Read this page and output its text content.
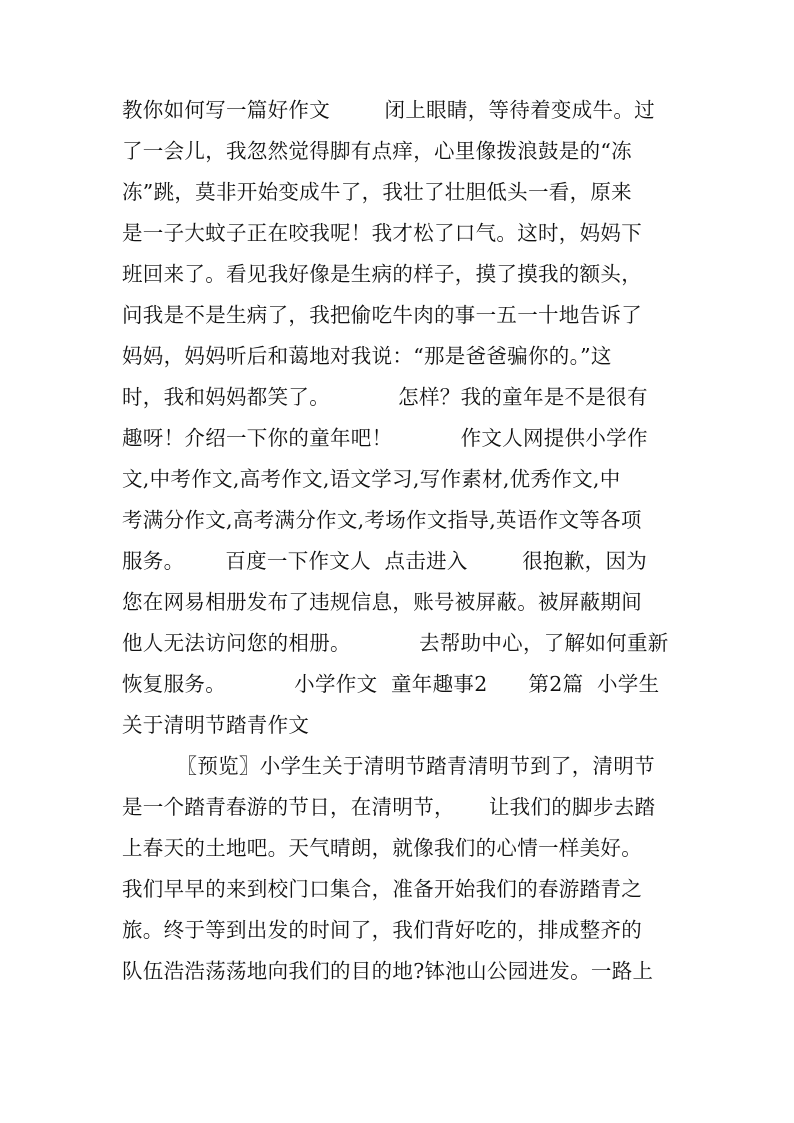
教你如何写一篇好作文        闭上眼睛，等待着变成牛。过
了一会儿，我忽然觉得脚有点痒，心里像拨浪鼓是的“冻
冻”跳，莫非开始变成牛了，我壮了壮胆低头一看，原来
是一子大蚊子正在咬我呢！我才松了口气。这时，妈妈下
班回来了。看见我好像是生病的样子，摸了摸我的额头，
问我是不是生病了，我把偷吃牛肉的事一五一十地告诉了
妈妈，妈妈听后和蔼地对我说：“那是爸爸骗你的。”这
时，我和妈妈都笑了。          怎样？我的童年是不是很有
趣呀！介绍一下你的童年吧！          作文人网提供小学作
文,中考作文,高考作文,语文学习,写作素材,优秀作文,中
考满分作文,高考满分作文,考场作文指导,英语作文等各项
服务。      百度一下作文人  点击进入        很抱歉，因为
您在网易相册发布了违规信息，账号被屏蔽。被屏蔽期间
他人无法访问您的相册。          去帮助中心，了解如何重新
恢复服务。          小学作文  童年趣事2      第2篇  小学生
关于清明节踏青作文
〖预览〗小学生关于清明节踏青清明节到了，清明节
是一个踏青春游的节日，在清明节，     让我们的脚步去踏
上春天的土地吧。天气晴朗，就像我们的心情一样美好。
我们早早的来到校门口集合，准备开始我们的春游踏青之
旅。终于等到出发的时间了，我们背好吃的，排成整齐的
队伍浩浩荡荡地向我们的目的地?钵池山公园进发。一路上
